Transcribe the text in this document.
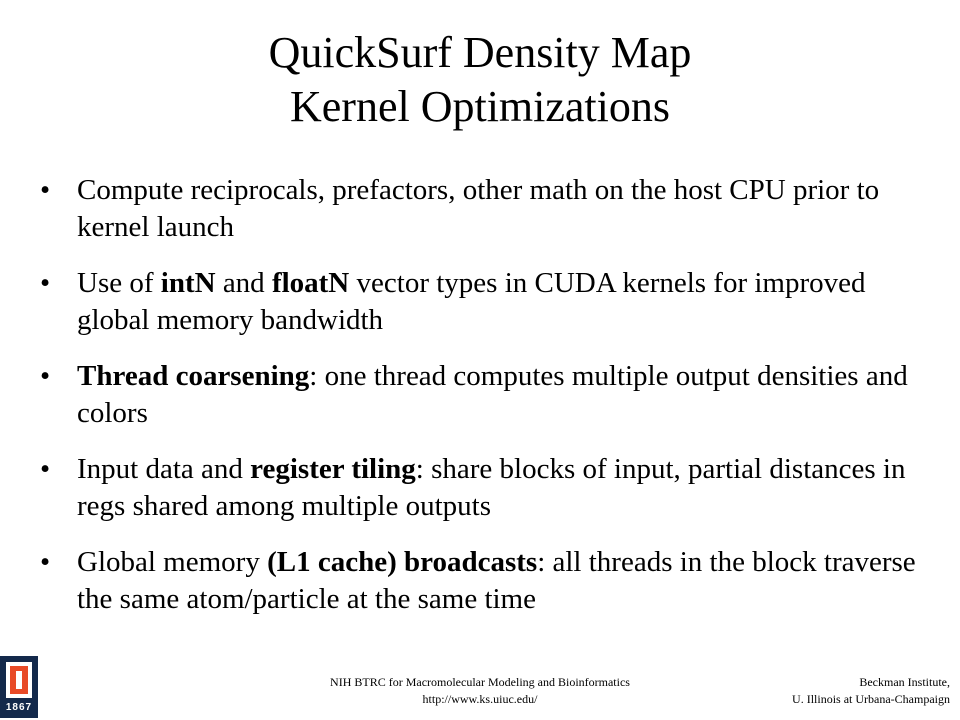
QuickSurf Density Map
Kernel Optimizations
• Compute reciprocals, prefactors, other math on the host CPU prior to kernel launch
• Use of intN and floatN vector types in CUDA kernels for improved global memory bandwidth
• Thread coarsening: one thread computes multiple output densities and colors
• Input data and register tiling: share blocks of input, partial distances in regs shared among multiple outputs
• Global memory (L1 cache) broadcasts: all threads in the block traverse the same atom/particle at the same time
1867
NIH BTRC for Macromolecular Modeling and Bioinformatics
http://www.ks.uiuc.edu/
Beckman Institute,
U. Illinois at Urbana-Champaign
